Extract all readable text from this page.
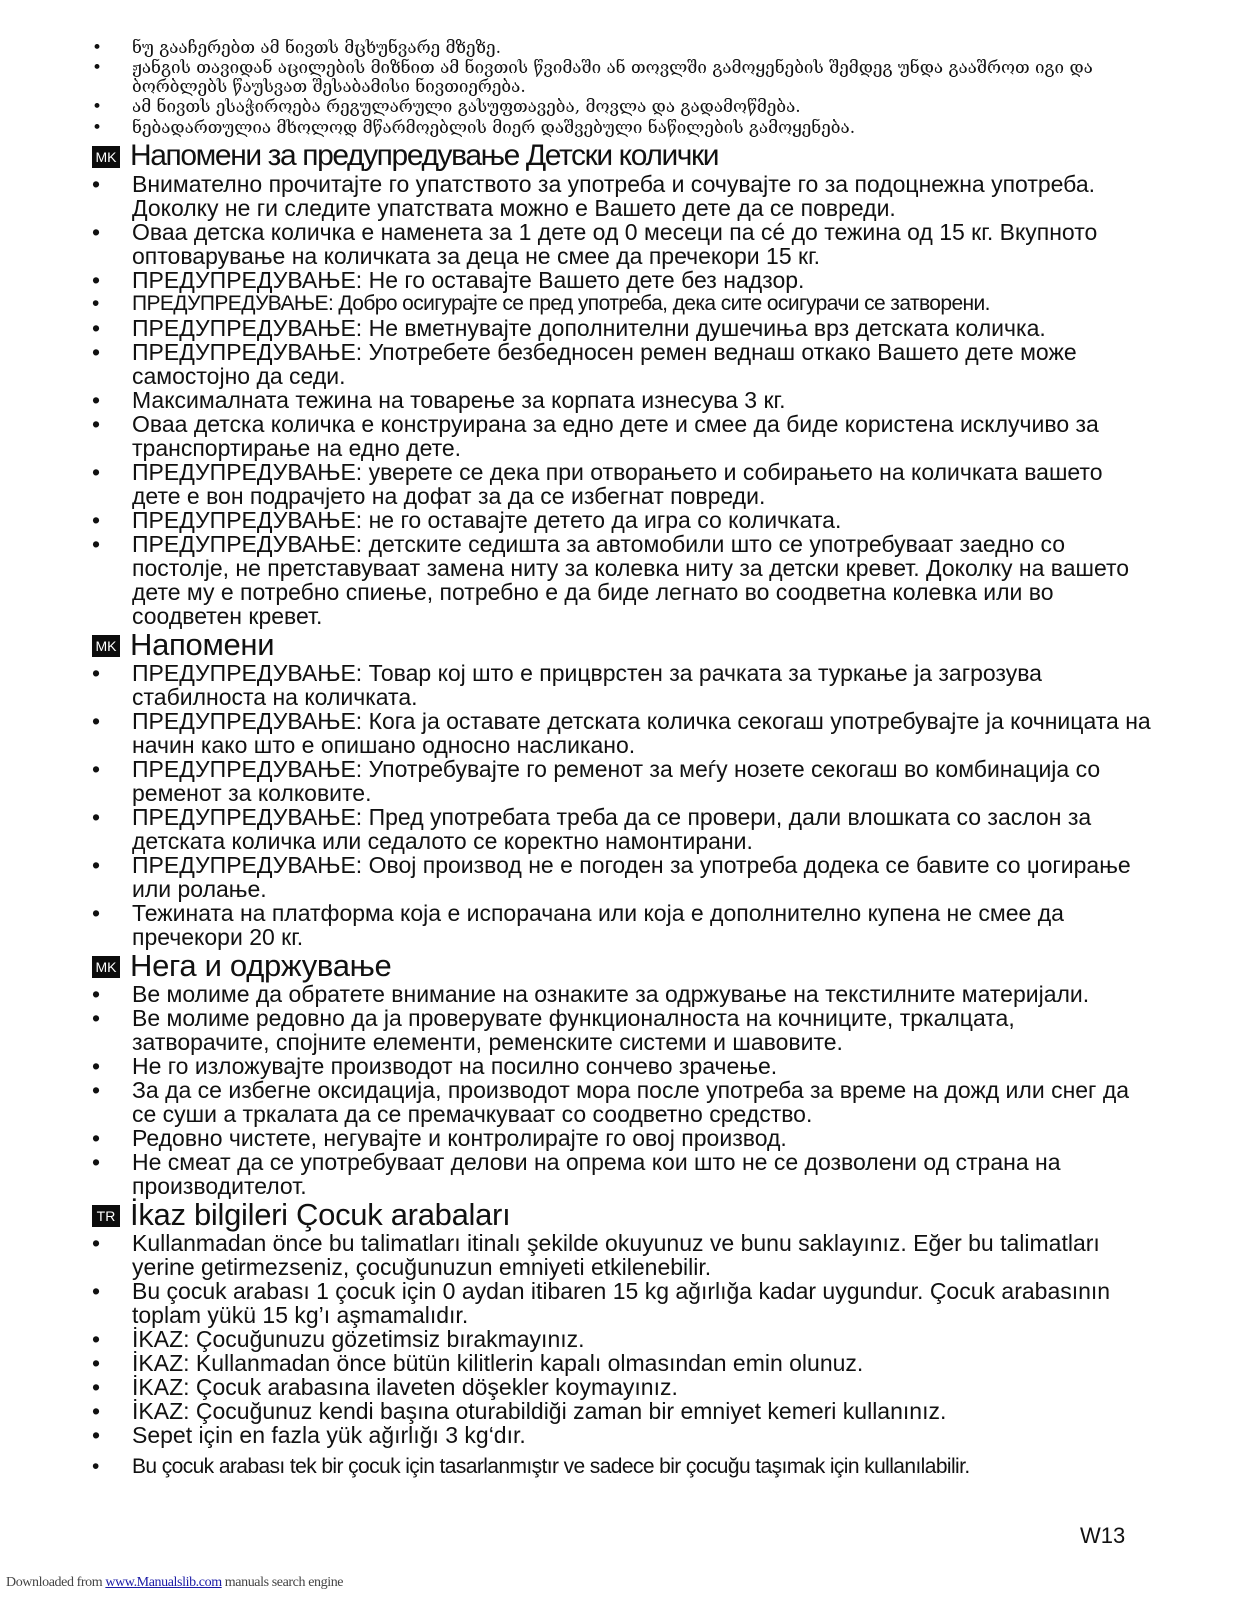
• ნუ გააჩერებთ ამ ნივთს მცხუნვარე მზეზე.
• ჟანგის თავიდან აცილების მიზნით ამ ნივთის წვიმაში ან თოვლში გამოყენების შემდეგ უნდა გააშროთ იგი და ბორბლებს წაუსვათ შესაბამისი ნივთიერება.
• ამ ნივთს ესაჭიროება რეგულარული გასუფთავება, მოვლა და გადამოწმება.
• ნებადართულია მხოლოდ მწარმოებლის მიერ დაშვებული ნაწილების გამოყენება.
MK Напомени за предупредување Детски колички
• Внимателно прочитајте го упатството за употреба и сочувајте го за подоцнежна употреба. Доколку не ги следите упатствата можно е Вашето дете да се повреди.
• Оваа детска количка е наменета за 1 дете од 0 месеци па сé до тежина од 15 кг. Вкупното оптоварување на количката за деца не смее да пречекори 15 кг.
• ПРЕДУПРЕДУВАЊЕ: Не го оставајте Вашето дете без надзор.
• ПРЕДУПРЕДУВАЊЕ: Добро осигурајте се пред употреба, дека сите осигурачи се затворени.
• ПРЕДУПРЕДУВАЊЕ: Не вметнувајте дополнителни душечиња врз детската количка.
• ПРЕДУПРЕДУВАЊЕ: Употребете безбедносен ремен веднаш откако Вашето дете може самостојно да седи.
• Максималната тежина на товарење за корпата изнесува 3 кг.
• Оваа детска количка е конструирана за едно дете и смее да биде користена исклучиво за транспортирање на едно дете.
• ПРЕДУПРЕДУВАЊЕ: уверете се дека при отворањето и собирањето на количката вашето дете е вон подрачјето на дофат за да се избегнат повреди.
• ПРЕДУПРЕДУВАЊЕ: не го оставајте детето да игра со количката.
• ПРЕДУПРЕДУВАЊЕ: детските седишта за автомобили што се употребуваат заедно со постолје, не претставуваат замена ниту за колевка ниту за детски кревет. Доколку на вашето дете му е потребно спиење, потребно е да биде легнато во соодветна колевка или во соодветен кревет.
MK Напомени
• ПРЕДУПРЕДУВАЊЕ: Товар кој што е прицврстен за рачката за туркање ја загрозува стабилноста на количката.
• ПРЕДУПРЕДУВАЊЕ: Кога ја оставате детската количка секогаш употребувајте ја кочницата на начин како што е опишано односно насликано.
• ПРЕДУПРЕДУВАЊЕ: Употребувајте го ременот за меѓу нозете секогаш во комбинација со ременот за колковите.
• ПРЕДУПРЕДУВАЊЕ: Пред употребата треба да се провери, дали влошката со заслон за детската количка или седалото се коректно намонтирани.
• ПРЕДУПРЕДУВАЊЕ: Овој производ не е погоден за употреба додека се бавите со џогирање или ролање.
• Тежината на платформа која е испорачана или која е дополнително купена не смее да пречекори 20 кг.
MK Нега и одржување
• Ве молиме да обратете внимание на ознаките за одржување на текстилните материјали.
• Ве молиме редовно да ја проверувате функционалноста на кочниците, тркалцата, затворачите, спојните елементи, ременските системи и шавовите.
• Не го изложувајте производот на посилно сончево зрачење.
• За да се избегне оксидација, производот мора после употреба за време на дожд или снег да се суши а тркалата да се премачкуваат со соодветно средство.
• Редовно чистете, негувајте и контролирајте го овој производ.
• Не смеат да се употребуваат делови на опрема кои што не се дозволени од страна на производителот.
TR İkaz bilgileri Çocuk arabaları
• Kullanmadan önce bu talimatları itinalı şekilde okuyunuz ve bunu saklayınız. Eğer bu talimatları yerine getirmezseniz, çocuğunuzun emniyeti etkilenebilir.
• Bu çocuk arabası 1 çocuk için 0 aydan itibaren 15 kg ağırlığa kadar uygundur. Çocuk arabasının toplam yükü 15 kg’ı aşmamalıdır.
• İKAZ: Çocuğunuzu gözetimsiz bırakmayınız.
• İKAZ: Kullanmadan önce bütün kilitlerin kapalı olmasından emin olunuz.
• İKAZ: Çocuk arabasına ilaveten döşekler koymayınız.
• İKAZ: Çocuğunuz kendi başına oturabildiği zaman bir emniyet kemeri kullanınız.
• Sepet için en fazla yük ağırlığı 3 kg‘dır.
• Bu çocuk arabası tek bir çocuk için tasarlanmıştır ve sadece bir çocuğu taşımak için kullanılabilir.
W13
Downloaded from www.Manualslib.com manuals search engine
